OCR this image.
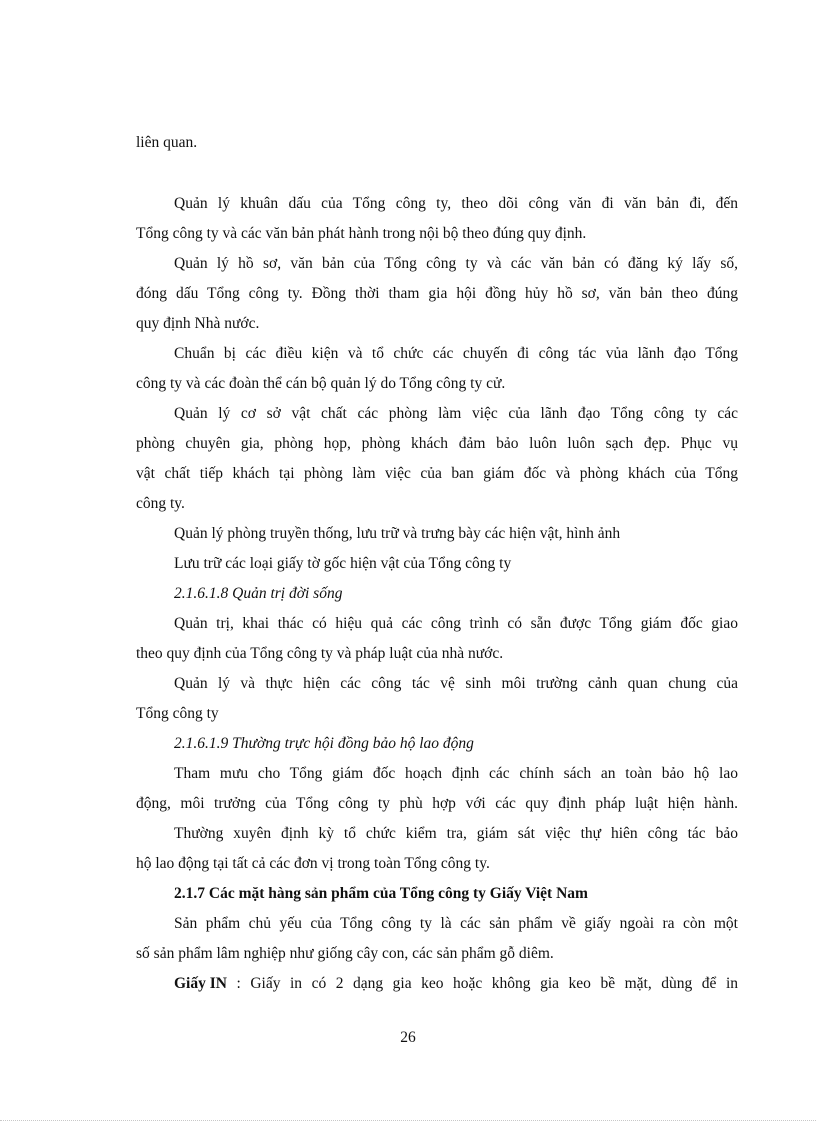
liên quan.
Quản lý khuân dấu của Tổng công ty, theo dõi công văn đi văn bản đi, đến
Tổng công ty và các văn bản phát hành trong nội bộ theo đúng quy định.
Quản lý hồ sơ, văn bản của Tổng công ty và các văn bản có đăng ký lấy số,
đóng dấu Tổng công ty. Đồng thời tham gia hội đồng hủy hồ sơ, văn bản theo đúng
quy định Nhà nước.
Chuẩn bị các điều kiện và tổ chức các chuyến đi công tác vủa lãnh đạo Tổng
công ty và các đoàn thể cán bộ quản lý do Tổng công ty cử.
Quản lý cơ sở vật chất các phòng làm việc của lãnh đạo Tổng công ty các
phòng chuyên gia, phòng họp, phòng khách đảm bảo luôn luôn sạch đẹp. Phục vụ
vật chất tiếp khách tại phòng làm việc của ban giám đốc và phòng khách của Tổng
công ty.
Quản lý phòng truyền thống, lưu trữ và trưng bày các hiện vật, hình ảnh
Lưu trữ các loại giấy tờ gốc hiện vật của Tổng công ty
2.1.6.1.8 Quản trị đời sống
Quản trị, khai thác có hiệu quả các công trình có sẵn được Tổng giám đốc giao
theo quy định của Tổng công ty và pháp luật của nhà nước.
Quản lý và thực hiện các công tác vệ sinh môi trường cảnh quan chung của
Tổng công ty
2.1.6.1.9 Thường trực hội đồng bảo hộ lao động
Tham mưu cho Tổng giám đốc hoạch định các chính sách an toàn bảo hộ lao
động, môi trưởng của Tổng công ty phù hợp với các quy định pháp luật hiện hành.
Thường xuyên định kỳ tổ chức kiểm tra, giám sát việc thự hiên công tác bảo
hộ lao động tại tất cả các đơn vị trong toàn Tổng công ty.
2.1.7 Các mặt hàng sản phẩm của Tổng công ty Giấy Việt Nam
Sản phẩm chủ yếu của Tổng công ty là các sản phẩm về giấy ngoài ra còn một
số sản phẩm lâm nghiệp như giống cây con, các sản phẩm gỗ diêm.
Giấy IN : Giấy in có 2 dạng gia keo hoặc không gia keo bề mặt, dùng để in
26
